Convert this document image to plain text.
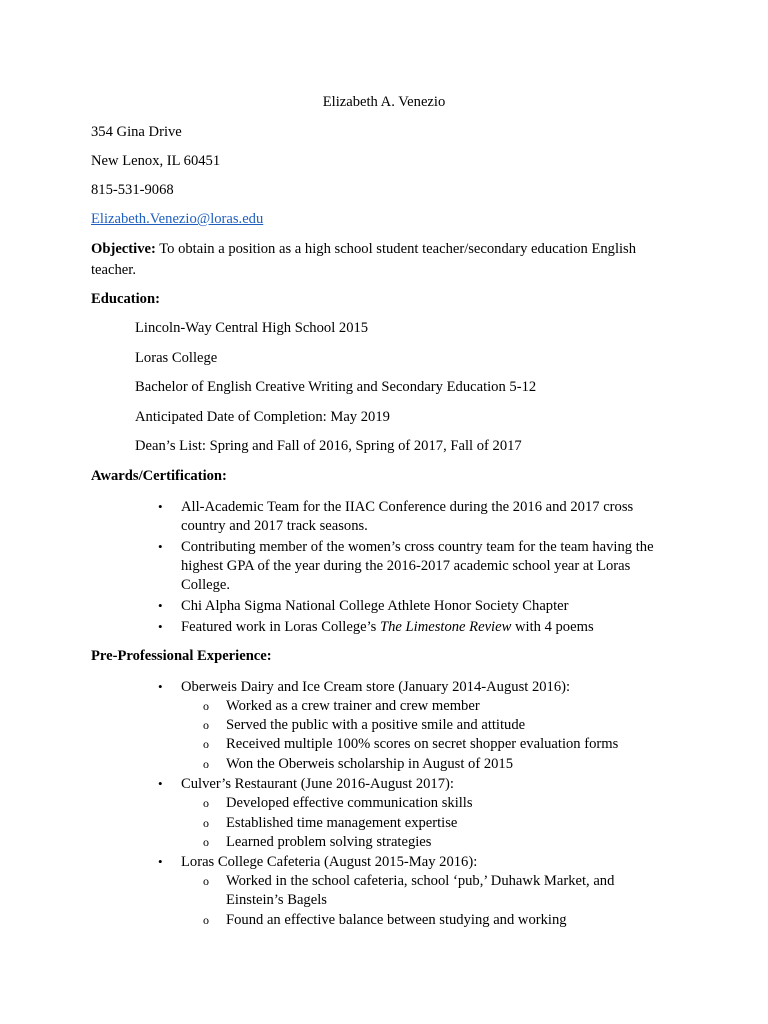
Elizabeth A. Venezio
354 Gina Drive
New Lenox, IL 60451
815-531-9068
Elizabeth.Venezio@loras.edu
Objective: To obtain a position as a high school student teacher/secondary education English
teacher.
Education:
Lincoln-Way Central High School 2015
Loras College
Bachelor of English Creative Writing and Secondary Education 5-12
Anticipated Date of Completion: May 2019
Dean’s List: Spring and Fall of 2016, Spring of 2017, Fall of 2017
Awards/Certification:
• All-Academic Team for the IIAC Conference during the 2016 and 2017 cross
country and 2017 track seasons.
• Contributing member of the women’s cross country team for the team having the
highest GPA of the year during the 2016-2017 academic school year at Loras
College.
• Chi Alpha Sigma National College Athlete Honor Society Chapter
• Featured work in Loras College’s The Limestone Review with 4 poems
Pre-Professional Experience:
• Oberweis Dairy and Ice Cream store (January 2014-August 2016):
o Worked as a crew trainer and crew member
o Served the public with a positive smile and attitude
o Received multiple 100% scores on secret shopper evaluation forms
o Won the Oberweis scholarship in August of 2015
• Culver’s Restaurant (June 2016-August 2017):
o Developed effective communication skills
o Established time management expertise
o Learned problem solving strategies
• Loras College Cafeteria (August 2015-May 2016):
o Worked in the school cafeteria, school ‘pub,’ Duhawk Market, and
Einstein’s Bagels
o Found an effective balance between studying and working
